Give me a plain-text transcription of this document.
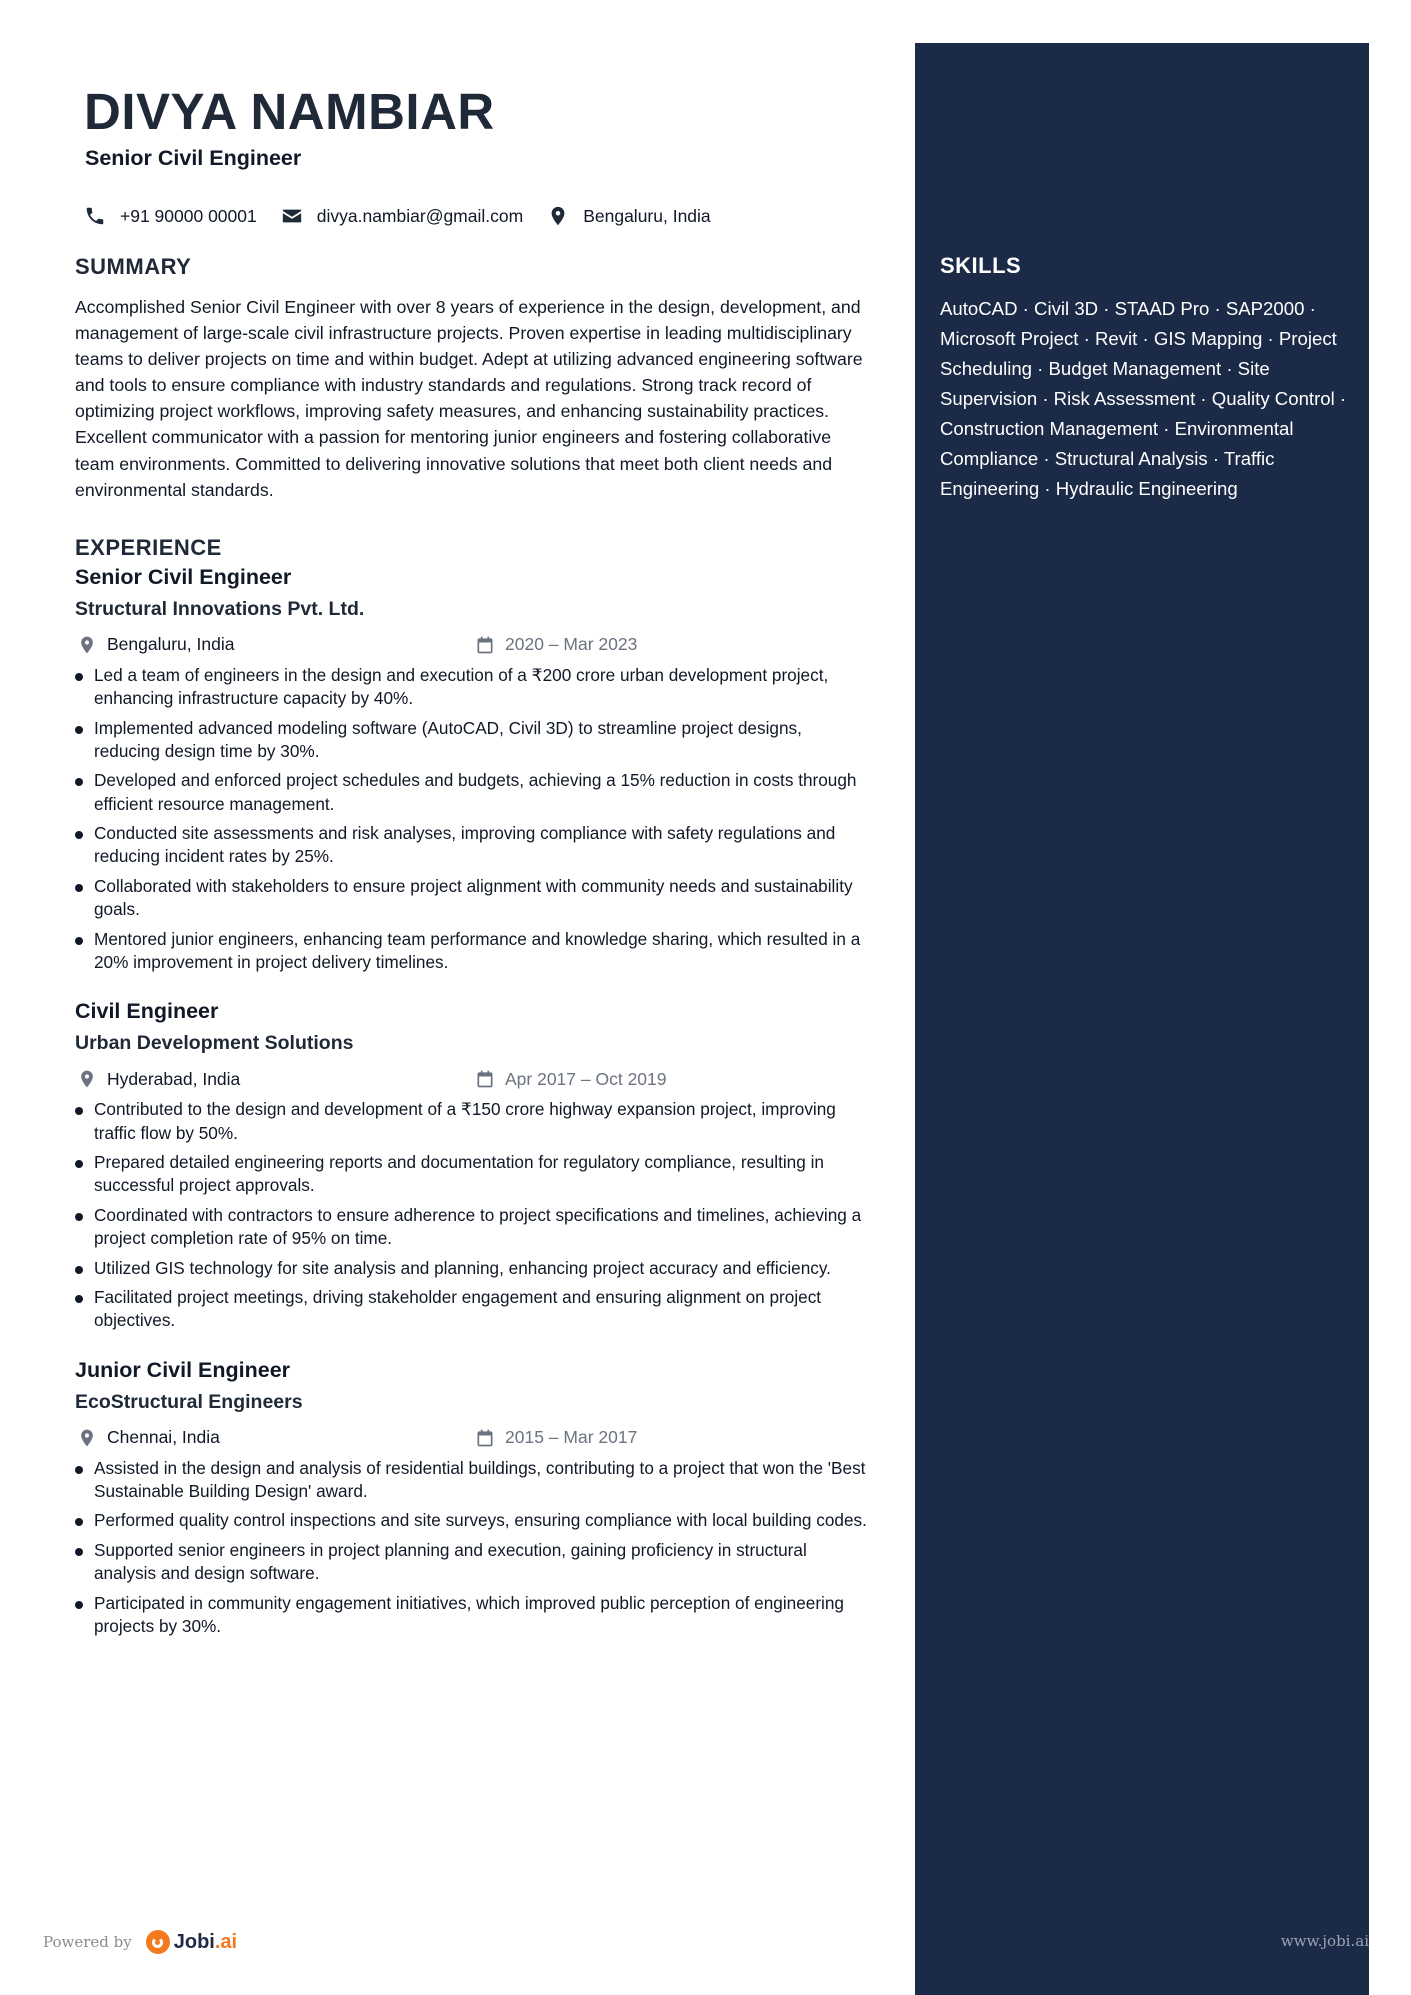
SKILLS

AutoCAD · Civil 3D · STAAD Pro · SAP2000 · Microsoft Project · Revit · GIS Mapping · Project Scheduling · Budget Management · Site Supervision · Risk Assessment · Quality Control · Construction Management · Environmental Compliance · Structural Analysis · Traffic Engineering · Hydraulic Engineering

DIVYA NAMBIAR
Senior Civil Engineer
+91 90000 00001	divya.nambiar@gmail.com	Bengaluru, India
SUMMARY

Accomplished Senior Civil Engineer with over 8 years of experience in the design, development, and management of large-scale civil infrastructure projects. Proven expertise in leading multidisciplinary teams to deliver projects on time and within budget. Adept at utilizing advanced engineering software and tools to ensure compliance with industry standards and regulations. Strong track record of optimizing project workflows, improving safety measures, and enhancing sustainability practices. Excellent communicator with a passion for mentoring junior engineers and fostering collaborative team environments. Committed to delivering innovative solutions that meet both client needs and environmental standards.

EXPERIENCE
Senior Civil Engineer
Structural Innovations Pvt. Ltd.
Bengaluru, India	2020 – Mar 2023
Led a team of engineers in the design and execution of a ₹200 crore urban development project, enhancing infrastructure capacity by 40%.
Implemented advanced modeling software (AutoCAD, Civil 3D) to streamline project designs, reducing design time by 30%.
Developed and enforced project schedules and budgets, achieving a 15% reduction in costs through efficient resource management.
Conducted site assessments and risk analyses, improving compliance with safety regulations and reducing incident rates by 25%.
Collaborated with stakeholders to ensure project alignment with community needs and sustainability goals.
Mentored junior engineers, enhancing team performance and knowledge sharing, which resulted in a 20% improvement in project delivery timelines.
Civil Engineer
Urban Development Solutions
Hyderabad, India	Apr 2017 – Oct 2019
Contributed to the design and development of a ₹150 crore highway expansion project, improving traffic flow by 50%.
Prepared detailed engineering reports and documentation for regulatory compliance, resulting in successful project approvals.
Coordinated with contractors to ensure adherence to project specifications and timelines, achieving a project completion rate of 95% on time.
Utilized GIS technology for site analysis and planning, enhancing project accuracy and efficiency.
Facilitated project meetings, driving stakeholder engagement and ensuring alignment on project objectives.
Junior Civil Engineer
EcoStructural Engineers
Chennai, India	2015 – Mar 2017
Assisted in the design and analysis of residential buildings, contributing to a project that won the 'Best Sustainable Building Design' award.
Performed quality control inspections and site surveys, ensuring compliance with local building codes.
Supported senior engineers in project planning and execution, gaining proficiency in structural analysis and design software.
Participated in community engagement initiatives, which improved public perception of engineering projects by 30%.
Powered by Jobi.ai	www.jobi.ai
